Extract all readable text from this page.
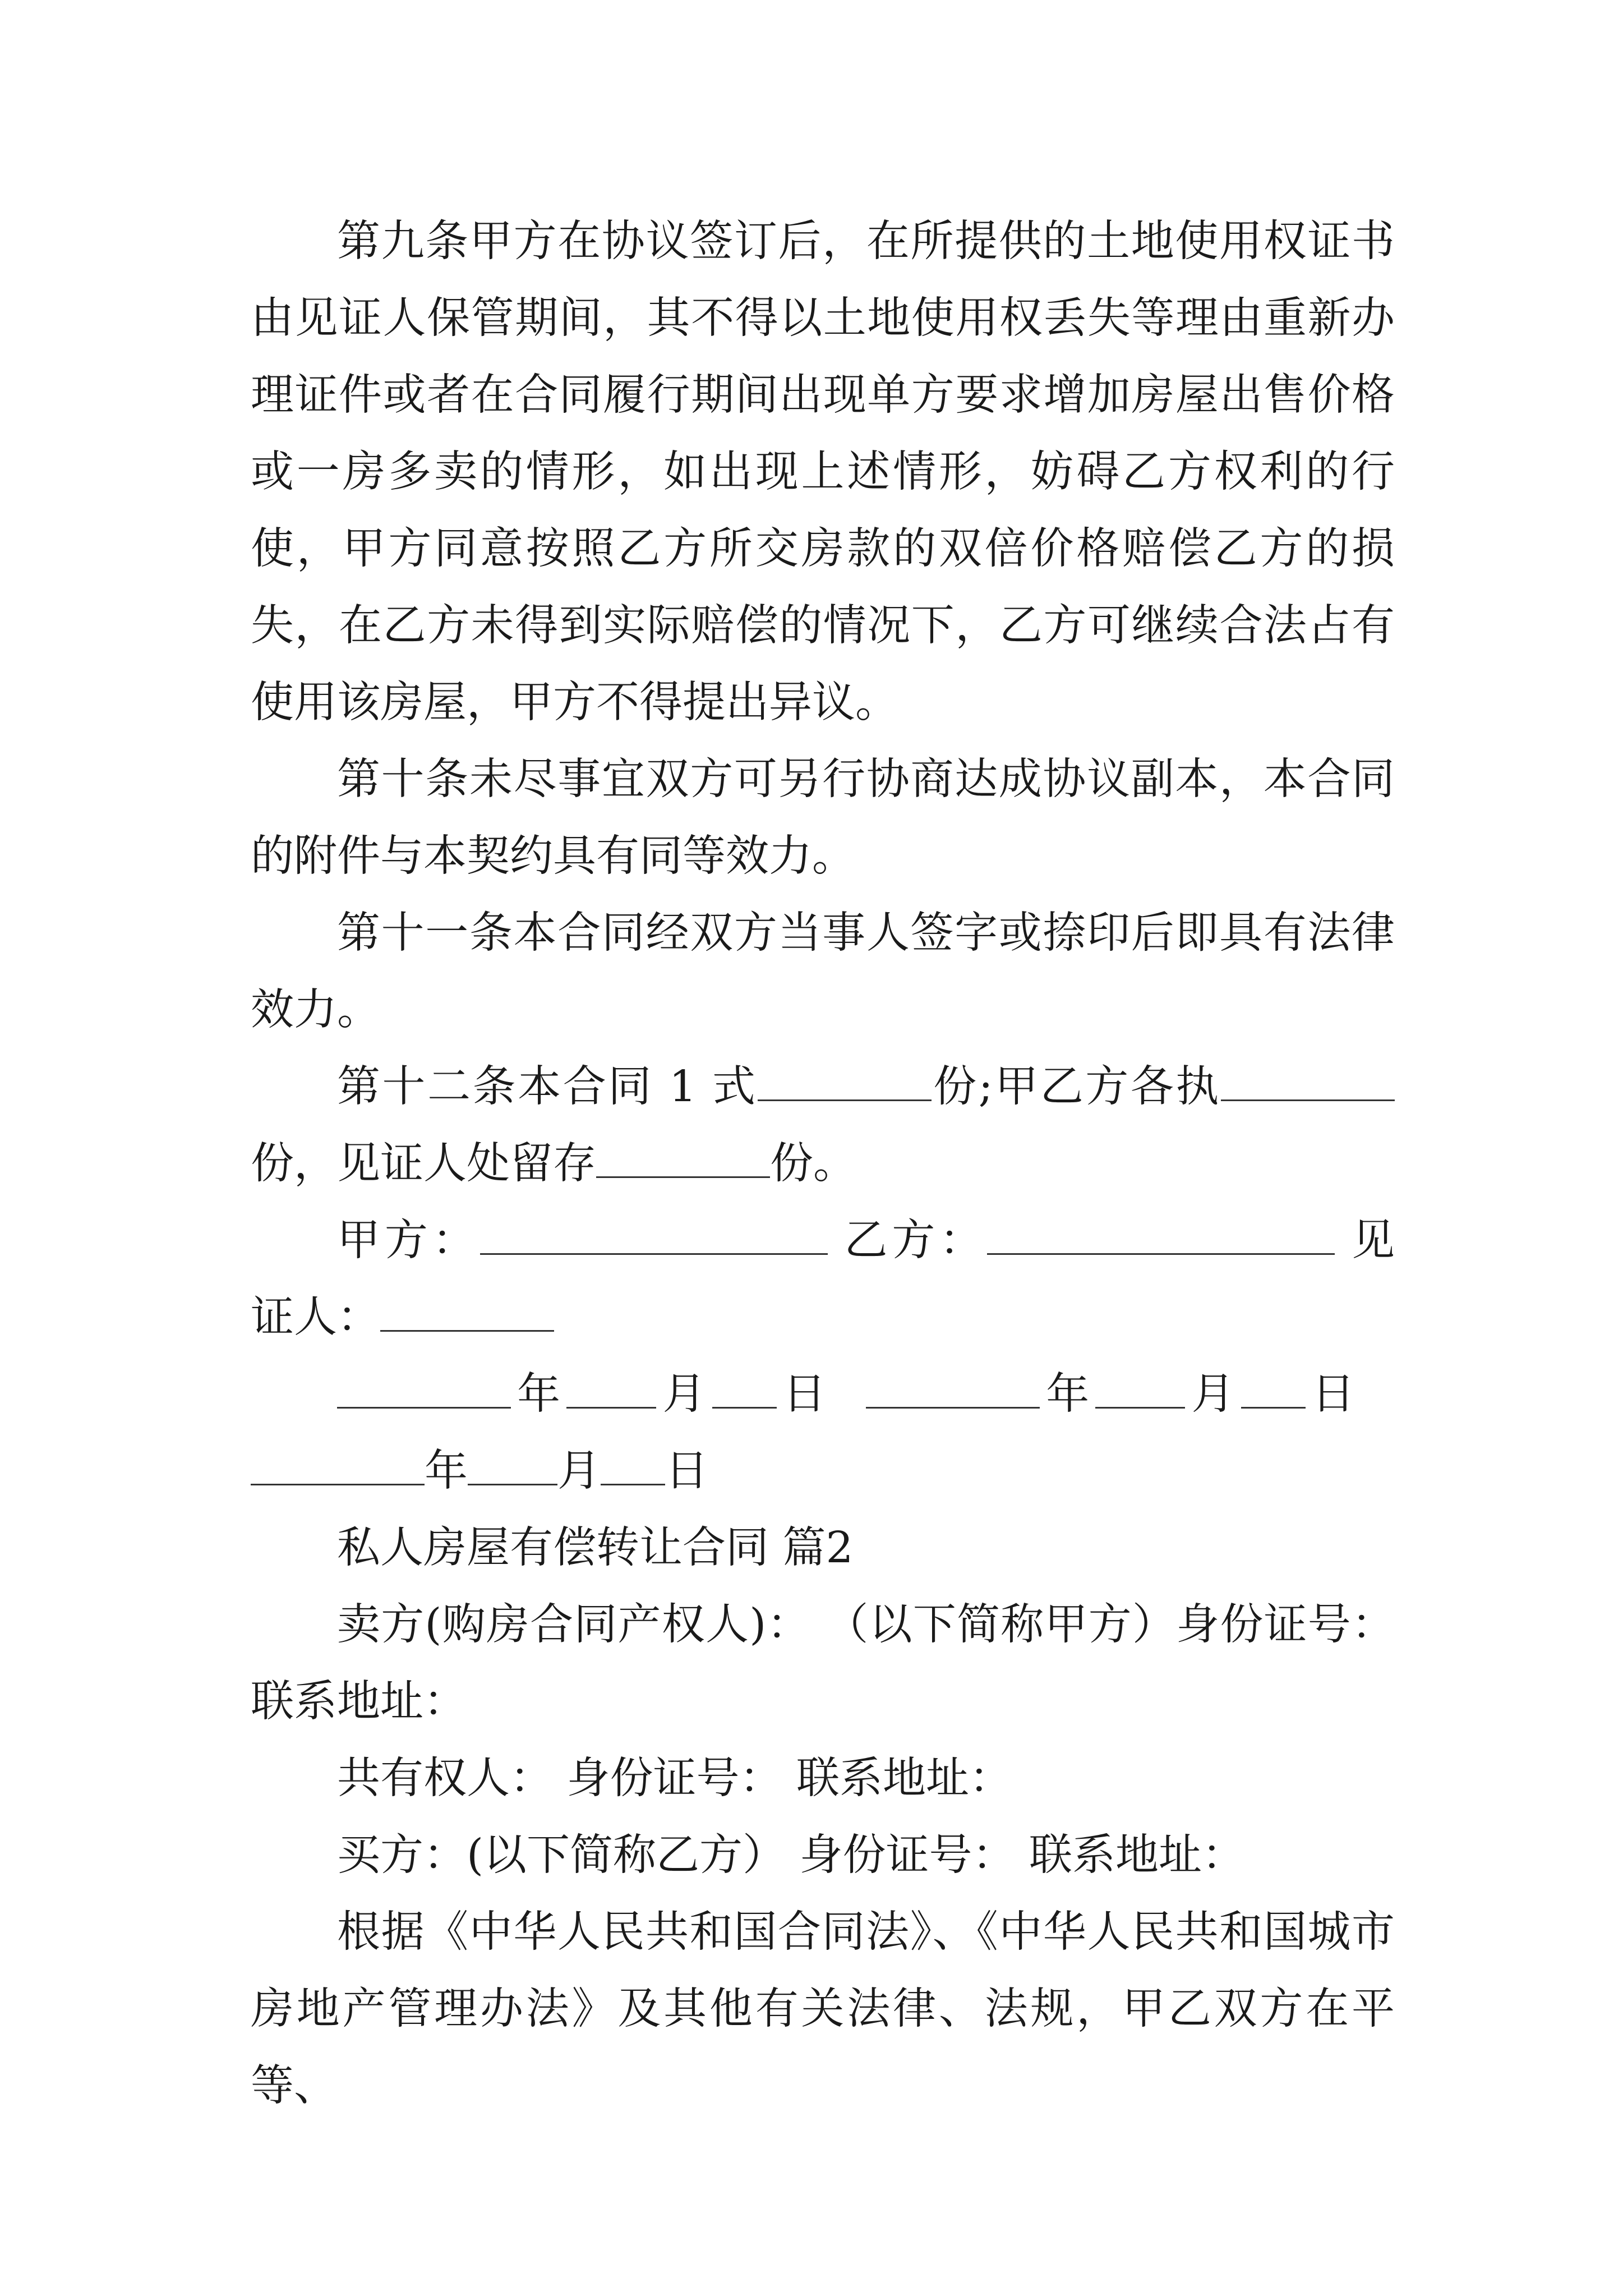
第九条甲方在协议签订后，在所提供的土地使用权证书由见证人保管期间，其不得以土地使用权丢失等理由重新办理证件或者在合同履行期间出现单方要求增加房屋出售价格或一房多卖的情形，如出现上述情形，妨碍乙方权利的行使，甲方同意按照乙方所交房款的双倍价格赔偿乙方的损失，在乙方未得到实际赔偿的情况下，乙方可继续合法占有使用该房屋，甲方不得提出异议。

第十条未尽事宜双方可另行协商达成协议副本，本合同的附件与本契约具有同等效力。

第十一条本合同经双方当事人签字或捺印后即具有法律效力。

第十二条本合同 1 式	份;甲乙方各执份，见证人处留存	份。

甲方：	乙方：	见证人：

年 月 日	年 月 日年 月 日

私人房屋有偿转让合同 篇2

卖方(购房合同产权人)： （以下简称甲方）身份证号：联系地址：

共有权人： 身份证号： 联系地址：

买方：(以下简称乙方） 身份证号： 联系地址：

根据《中华人民共和国合同法》、《中华人民共和国城市房地产管理办法》及其他有关法律、法规，甲乙双方在平等、
